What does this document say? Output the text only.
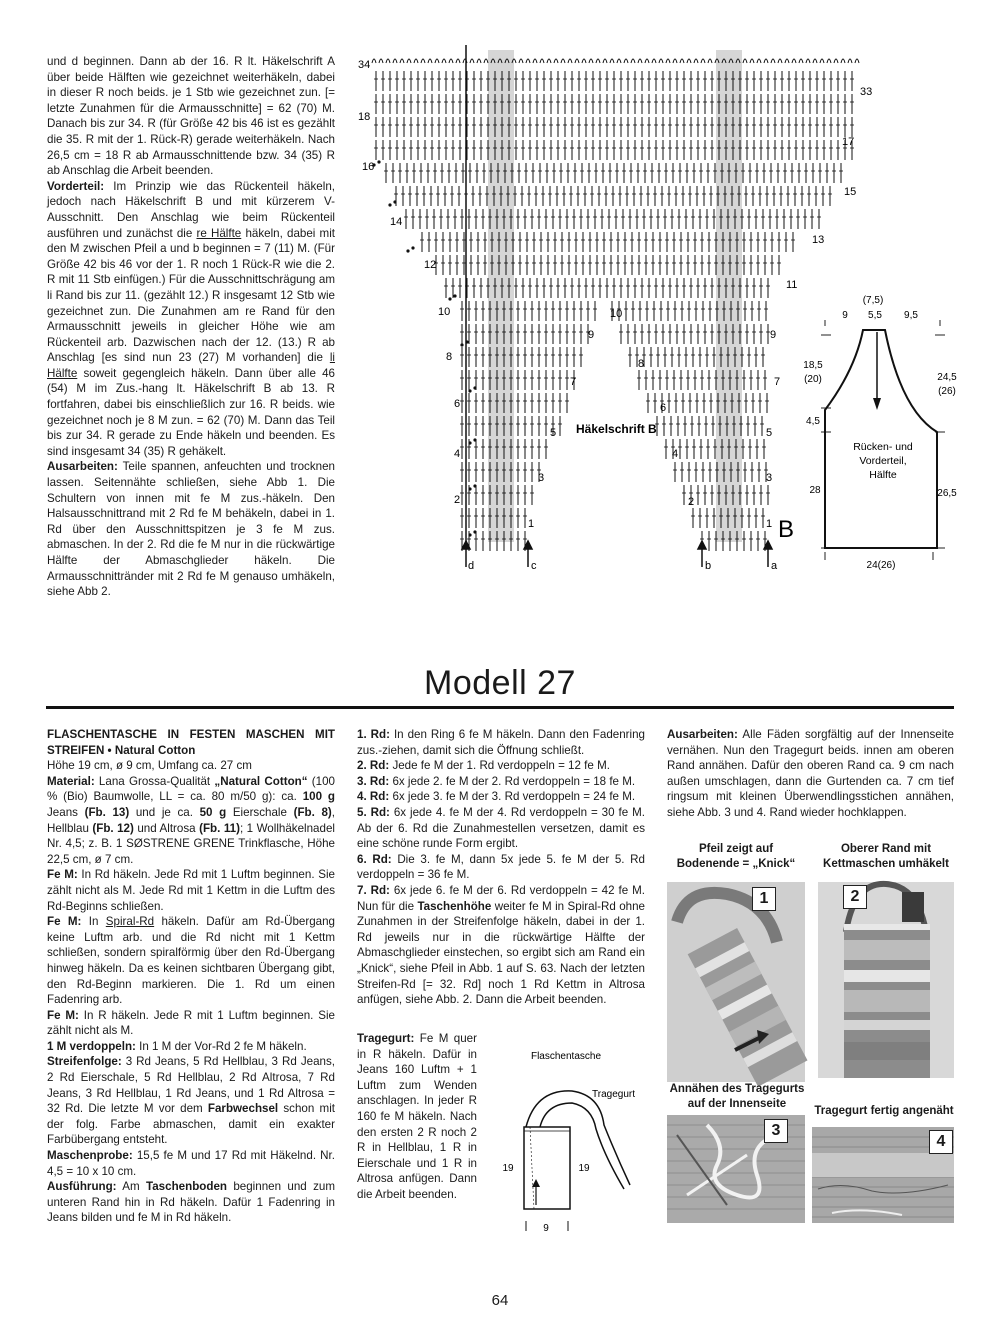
und d beginnen. Dann ab der 16. R lt. Häkelschrift A über beide Hälften wie gezeichnet weiterhäkeln, dabei in dieser R noch beids. je 1 Stb wie gezeichnet zun. [= letzte Zunahmen für die Armausschnitte] = 62 (70) M. Danach bis zur 34. R (für Größe 42 bis 46 ist es gezählt die 35. R mit der 1. Rück-R) gerade weiterhäkeln. Nach 26,5 cm = 18 R ab Armausschnittende bzw. 34 (35) R ab Anschlag die Arbeit beenden.

Vorderteil: Im Prinzip wie das Rückenteil häkeln, jedoch nach Häkelschrift B und mit kürzerem V-Ausschnitt. Den Anschlag wie beim Rückenteil ausführen und zunächst die re Hälfte häkeln, dabei mit den M zwischen Pfeil a und b beginnen = 7 (11) M. (Für Größe 42 bis 46 vor der 1. R noch 1 Rück-R wie die 2. R mit 11 Stb einfügen.) Für die Ausschnittschrägung am li Rand bis zur 11. (gezählt 12.) R insgesamt 12 Stb wie gezeichnet zun. Die Zunahmen am re Rand für den Armausschnitt jeweils in gleicher Höhe wie am Rückenteil arb. Dazwischen nach der 12. (13.) R ab Anschlag [es sind nun 23 (27) M vorhanden] die li Hälfte soweit gegengleich häkeln. Dann über alle 46 (54) M im Zus.-hang lt. Häkelschrift B ab 13. R fortfahren, dabei bis einschließlich zur 16. R beids. wie gezeichnet noch je 8 M zun. = 62 (70) M. Dann das Teil bis zur 34. R gerade zu Ende häkeln und beenden. Es sind insgesamt 34 (35) R gehäkelt.

Ausarbeiten: Teile spannen, anfeuchten und trocknen lassen. Seitennähte schließen, siehe Abb 1. Die Schultern von innen mit fe M zus.-häkeln. Den Halsausschnittrand mit 2 Rd fe M behäkeln, dabei in 1. Rd über den Ausschnittspitzen je 3 fe M zus. abmaschen. In der 2. Rd die fe M nur in die rückwärtige Hälfte der Abmaschglieder häkeln. Die Armausschnittränder mit 2 Rd fe M genauso umhäkeln, siehe Abb 2.

34
18
16
14
12
10
8
6
4
2
33
17
15
13
11
9
7
5
3
1
10
8
6
4
2
7
5
3
1
9
Häkelschrift B
B
d	c	b	a
(7,5)
9 5,5 9,5
18,5
(20)
4,5
28
24,5
(26)
26,5
24(26)
Rücken- und
Vorderteil,
Hälfte
Modell 27

FLASCHENTASCHE IN FESTEN MASCHEN MIT STREIFEN • Natural Cotton

Höhe 19 cm, ø 9 cm, Umfang ca. 27 cm

Material: Lana Grossa-Qualität „Natural Cotton“ (100 % (Bio) Baumwolle, LL = ca. 80 m/50 g): ca. 100 g Jeans (Fb. 13) und je ca. 50 g Eierschale (Fb. 8), Hellblau (Fb. 12) und Altrosa (Fb. 11); 1 Wollhäkelnadel Nr. 4,5; z. B. 1 SØSTRENE GRENE Trinkflasche, Höhe 22,5 cm, ø 7 cm.

Fe M: In Rd häkeln. Jede Rd mit 1 Luftm beginnen. Sie zählt nicht als M. Jede Rd mit 1 Kettm in die Luftm des Rd-Beginns schließen.

Fe M: In Spiral-Rd häkeln. Dafür am Rd-Übergang keine Luftm arb. und die Rd nicht mit 1 Kettm schließen, sondern spiralförmig über den Rd-Übergang hinweg häkeln. Da es keinen sichtbaren Übergang gibt, den Rd-Beginn markieren. Die 1. Rd um einen Fadenring arb.

Fe M: In R häkeln. Jede R mit 1 Luftm beginnen. Sie zählt nicht als M.

1 M verdoppeln: In 1 M der Vor-Rd 2 fe M häkeln.

Streifenfolge: 3 Rd Jeans, 5 Rd Hellblau, 3 Rd Jeans, 2 Rd Eierschale, 5 Rd Hellblau, 2 Rd Altrosa, 7 Rd Jeans, 3 Rd Hellblau, 1 Rd Jeans, und 1 Rd Altrosa = 32 Rd. Die letzte M vor dem Farbwechsel schon mit der folg. Farbe abmaschen, damit ein exakter Farbübergang entsteht.

Maschenprobe: 15,5 fe M und 17 Rd mit Häkelnd. Nr. 4,5 = 10 x 10 cm.

Ausführung: Am Taschenboden beginnen und zum unteren Rand hin in Rd häkeln. Dafür 1 Fadenring in Jeans bilden und fe M in Rd häkeln.

1. Rd: In den Ring 6 fe M häkeln. Dann den Fadenring zus.-ziehen, damit sich die Öffnung schließt.

2. Rd: Jede fe M der 1. Rd verdoppeln = 12 fe M.

3. Rd: 6x jede 2. fe M der 2. Rd verdoppeln = 18 fe M.

4. Rd: 6x jede 3. fe M der 3. Rd verdoppeln = 24 fe M.

5. Rd: 6x jede 4. fe M der 4. Rd verdoppeln = 30 fe M. Ab der 6. Rd die Zunahmestellen versetzen, damit es eine schöne runde Form ergibt.

6. Rd: Die 3. fe M, dann 5x jede 5. fe M der 5. Rd verdoppeln = 36 fe M.

7. Rd: 6x jede 6. fe M der 6. Rd verdoppeln = 42 fe M. Nun für die Taschenhöhe weiter fe M in Spiral-Rd ohne Zunahmen in der Streifenfolge häkeln, dabei in der 1. Rd jeweils nur in die rückwärtige Hälfte der Abmaschglieder einstechen, so ergibt sich am Rand ein „Knick“, siehe Pfeil in Abb. 1 auf S. 63. Nach der letzten Streifen-Rd [= 32. Rd] noch 1 Rd Kettm in Altrosa anfügen, siehe Abb. 2. Dann die Arbeit beenden.

Tragegurt: Fe M quer in R häkeln. Dafür in Jeans 160 Luftm + 1 Luftm zum Wenden anschlagen. In jeder R 160 fe M häkeln. Nach den ersten 2 R noch 2 R in Hellblau, 1 R in Eierschale und 1 R in Altrosa anfügen. Dann die Arbeit beenden.

Flaschentasche
Tragegurt
19	19
9

Ausarbeiten: Alle Fäden sorgfältig auf der Innenseite vernähen. Nun den Tragegurt beids. innen am oberen Rand annähen. Dafür den oberen Rand ca. 9 cm nach außen umschlagen, dann die Gurtenden ca. 7 cm tief ringsum mit kleinen Überwendlingsstichen annähen, siehe Abb. 3 und 4. Rand wieder hochklappen.

Pfeil zeigt auf Bodenende = „Knick“
Oberer Rand mit Kettmaschen umhäkelt
1	2
Annähen des Tragegurts auf der Innenseite
Tragegurt fertig angenäht
3
4
64
